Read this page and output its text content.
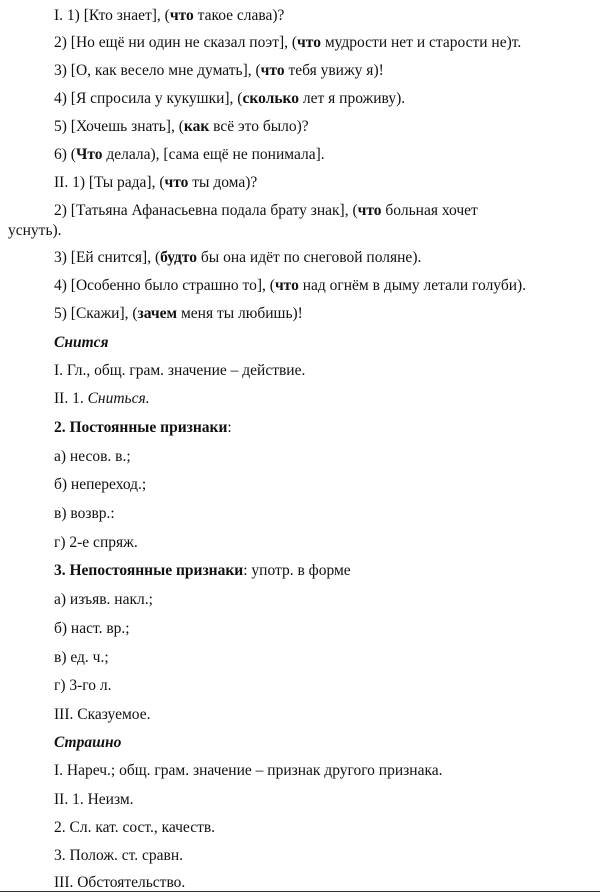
I. 1) [Кто знает], (что такое слава)?
2) [Но ещё ни один не сказал поэт], (что мудрости нет и старости не)т.
3) [О, как весело мне думать], (что тебя увижу я)!
4) [Я спросила у кукушки], (сколько лет я проживу).
5) [Хочешь знать], (как всё это было)?
6) (Что делала), [сама ещё не понимала].
II. 1) [Ты рада], (что ты дома)?
2) [Татьяна Афанасьевна подала брату знак], (что больная хочет
уснуть).
3) [Ей снится], (будто бы она идёт по снеговой поляне).
4) [Особенно было страшно то], (что над огнём в дыму летали голуби).
5) [Скажи], (зачем меня ты любишь)!
Снится
I. Гл., общ. грам. значение – действие.
II. 1. Сниться.
2. Постоянные признаки:
а) несов. в.;
б) непереход.;
в) возвр.:
г) 2-е спряж.
3. Непостоянные признаки: употр. в форме
а) изъяв. накл.;
б) наст. вр.;
в) ед. ч.;
г) 3-го л.
III. Сказуемое.
Страшно
I. Нареч.; общ. грам. значение – признак другого признака.
II. 1. Неизм.
2. Сл. кат. сост., качеств.
3. Полож. ст. сравн.
III. Обстоятельство.
